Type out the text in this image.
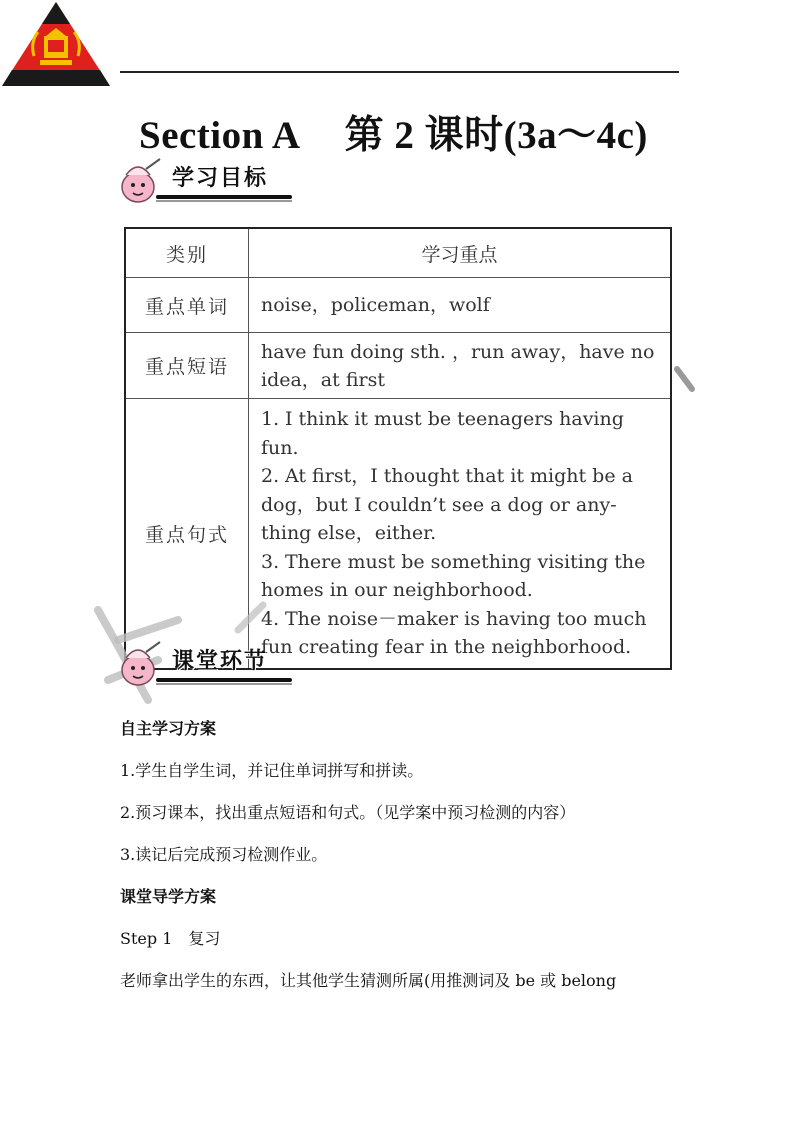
Section A 第 2 课时(3a～4c)
学习目标
类别	学习重点
重点单词	noise，policeman，wolf
重点短语	have fun doing sth. ，run away，have no idea，at first
重点句式	1. I think it must be teenagers having fun.

2. At first，I thought that it might be a dog，but I couldn’t see a dog or any-thing else，either.

3. There must be something visiting the homes in our neighborhood.

4. The noise－maker is having too much fun creating fear in the neighborhood.

课堂环节
自主学习方案
1.学生自学生词，并记住单词拼写和拼读。
2.预习课本，找出重点短语和句式。（见学案中预习检测的内容）
3.读记后完成预习检测作业。
课堂导学方案
Step 1　复习
老师拿出学生的东西，让其他学生猜测所属(用推测词及 be 或 belong
